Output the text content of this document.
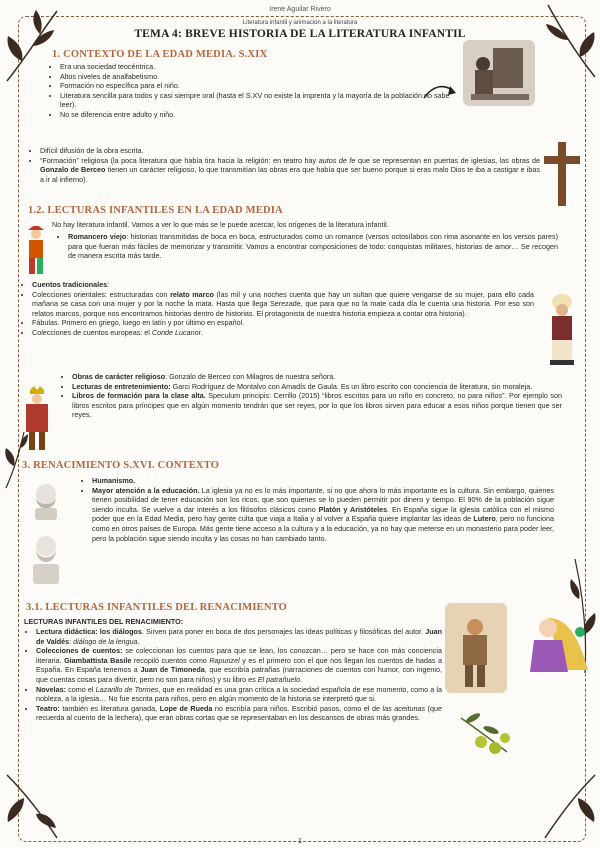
Irene Aguilar Rivero
Literatura infantil y animación a la literatura
TEMA 4: BREVE HISTORIA DE LA LITERATURA INFANTIL
1. CONTEXTO DE LA EDAD MEDIA. S.XIX
• Era una sociedad teocéntrica.
• Altos niveles de analfabetismo.
• Formación no específica para el niño.
• Literatura sencilla para todos y casi siempre oral (hasta el S.XV no existe la imprenta y la mayoría de la población no sabe leer).
• No se diferencia entre adulto y niño.
• Difícil difusión de la obra escrita.
• “Formación” religiosa (la poca literatura que había tira hacia la religión: en teatro hay autos de fe que se representan en puertas de iglesias, las obras de Gonzalo de Berceo tienen un carácter religioso, lo que transmitían las obras era que había que ser bueno porque si eras malo Dios te iba a castigar e ibas a ir al infierno).
1.2. LECTURAS INFANTILES EN LA EDAD MEDIA
No hay literatura infantil. Vamos a ver lo que más se le puede acercar, los orígenes de la literatura infantil.
• Romancero viejo: historias transmitidas de boca en boca, estructurados como un romance (versos octosílabos con rima asonante en los versos pares) para que fueran más fáciles de memorizar y transmitir. Vamos a encontrar composiciones de todo: conquistas militares, historias de amor… Se recogen de manera escrita más tarde.
• Cuentos tradicionales:
• Colecciones orientales: estructuradas con relato marco (las mil y una noches cuenta que hay un sultan que quiere vengarse de su mujer, para ello cada mañana se casa con una mujer y por la noche la mata. Hasta que llega Serezade, que para que no la mate cada día le cuenta una historia. Por eso son relatos marcos, porque nos encontramos historias dentro de historias. El protagonista de nuestra historia empieza a contar otra historia).
• Fábulas. Primero en griego, luego en latín y por último en español.
• Colecciones de cuentos europeas: el Conde Lucanor.
• Obras de carácter religioso: Gonzalo de Berceo con Milagros de nuestra señora.
• Lecturas de entretenimiento: Garci Rodríguez de Montalvo con Amadís de Gaula. Es un libro escrito con conciencia de literatura, sin moraleja.
• Libros de formación para la clase alta. Speculum principis: Cerrillo (2015) “libros escritos para un niño en concreto, no para niños”. Por ejemplo son libros escritos para príncipes que en algún momento tendrán que ser reyes, por lo que los libros sirven para educar a esos niños porque tienen que ser reyes.
3. RENACIMIENTO S.XVI. CONTEXTO
• Humanismo.
• Mayor atención a la educación. La iglesia ya no es lo más importante, si no que ahora lo más importante es la cultura. Sin embargo, quienes tienen posibilidad de tener educación son los ricos, que son quienes se lo pueden permitir por dinero y tiempo. El 90% de la población sigue siendo inculta. Se vuelve a dar interés a los filósofos clásicos como Platón y Aristóteles. En España sigue la iglesia católica con el mismo poder que en la Edad Media, pero hay gente culta que viaja a Italia y al volver a España quiere implantar las ideas de Lutero, pero no funciona como en otros países de Europa. Más gente tiene acceso a la cultura y a la educación, ya no hay que meterse en un monasterio para poder leer, pero la población sigue siendo inculta y las cosas no han cambiado tanto.
3.1. LECTURAS INFANTILES DEL RENACIMIENTO
LECTURAS INFANTILES DEL RENACIMIENTO:
• Lectura didáctica: los diálogos. Sirven para poner en boca de dos personajes las ideas políticas y filosóficas del autor. Juan de Valdés: diálogo de la lengua.
• Colecciones de cuentos: se coleccionan los cuentos para que se lean, los conozcan… pero se hace con más conciencia literaria. Giambattista Basile recopiló cuentos como Rapunzel y es el primero con el que nos llegan los cuentos de hadas a España. En España tenemos a Juan de Timoneda, que escribía patrañas (narraciones de cuentos con humor, con ingenio, que cuentas cosas para divertir, pero no son para niños) y su libro es El patrañuelo.
• Novelas: como el Lazarillo de Tormes, que en realidad es una gran crítica a la sociedad española de ese momento, como a la nobleza, a la iglesia… No fue escrita para niños, pero en algún momento de la historia se interpretó que si.
• Teatro: también es literatura ganada, Lope de Rueda no escribía para niños. Escribió pasos, como el de las aceitunas (que recuerda al cuento de la lechera), que eran obras cortas que se representaban en los descansos de obras más grandes.
1
